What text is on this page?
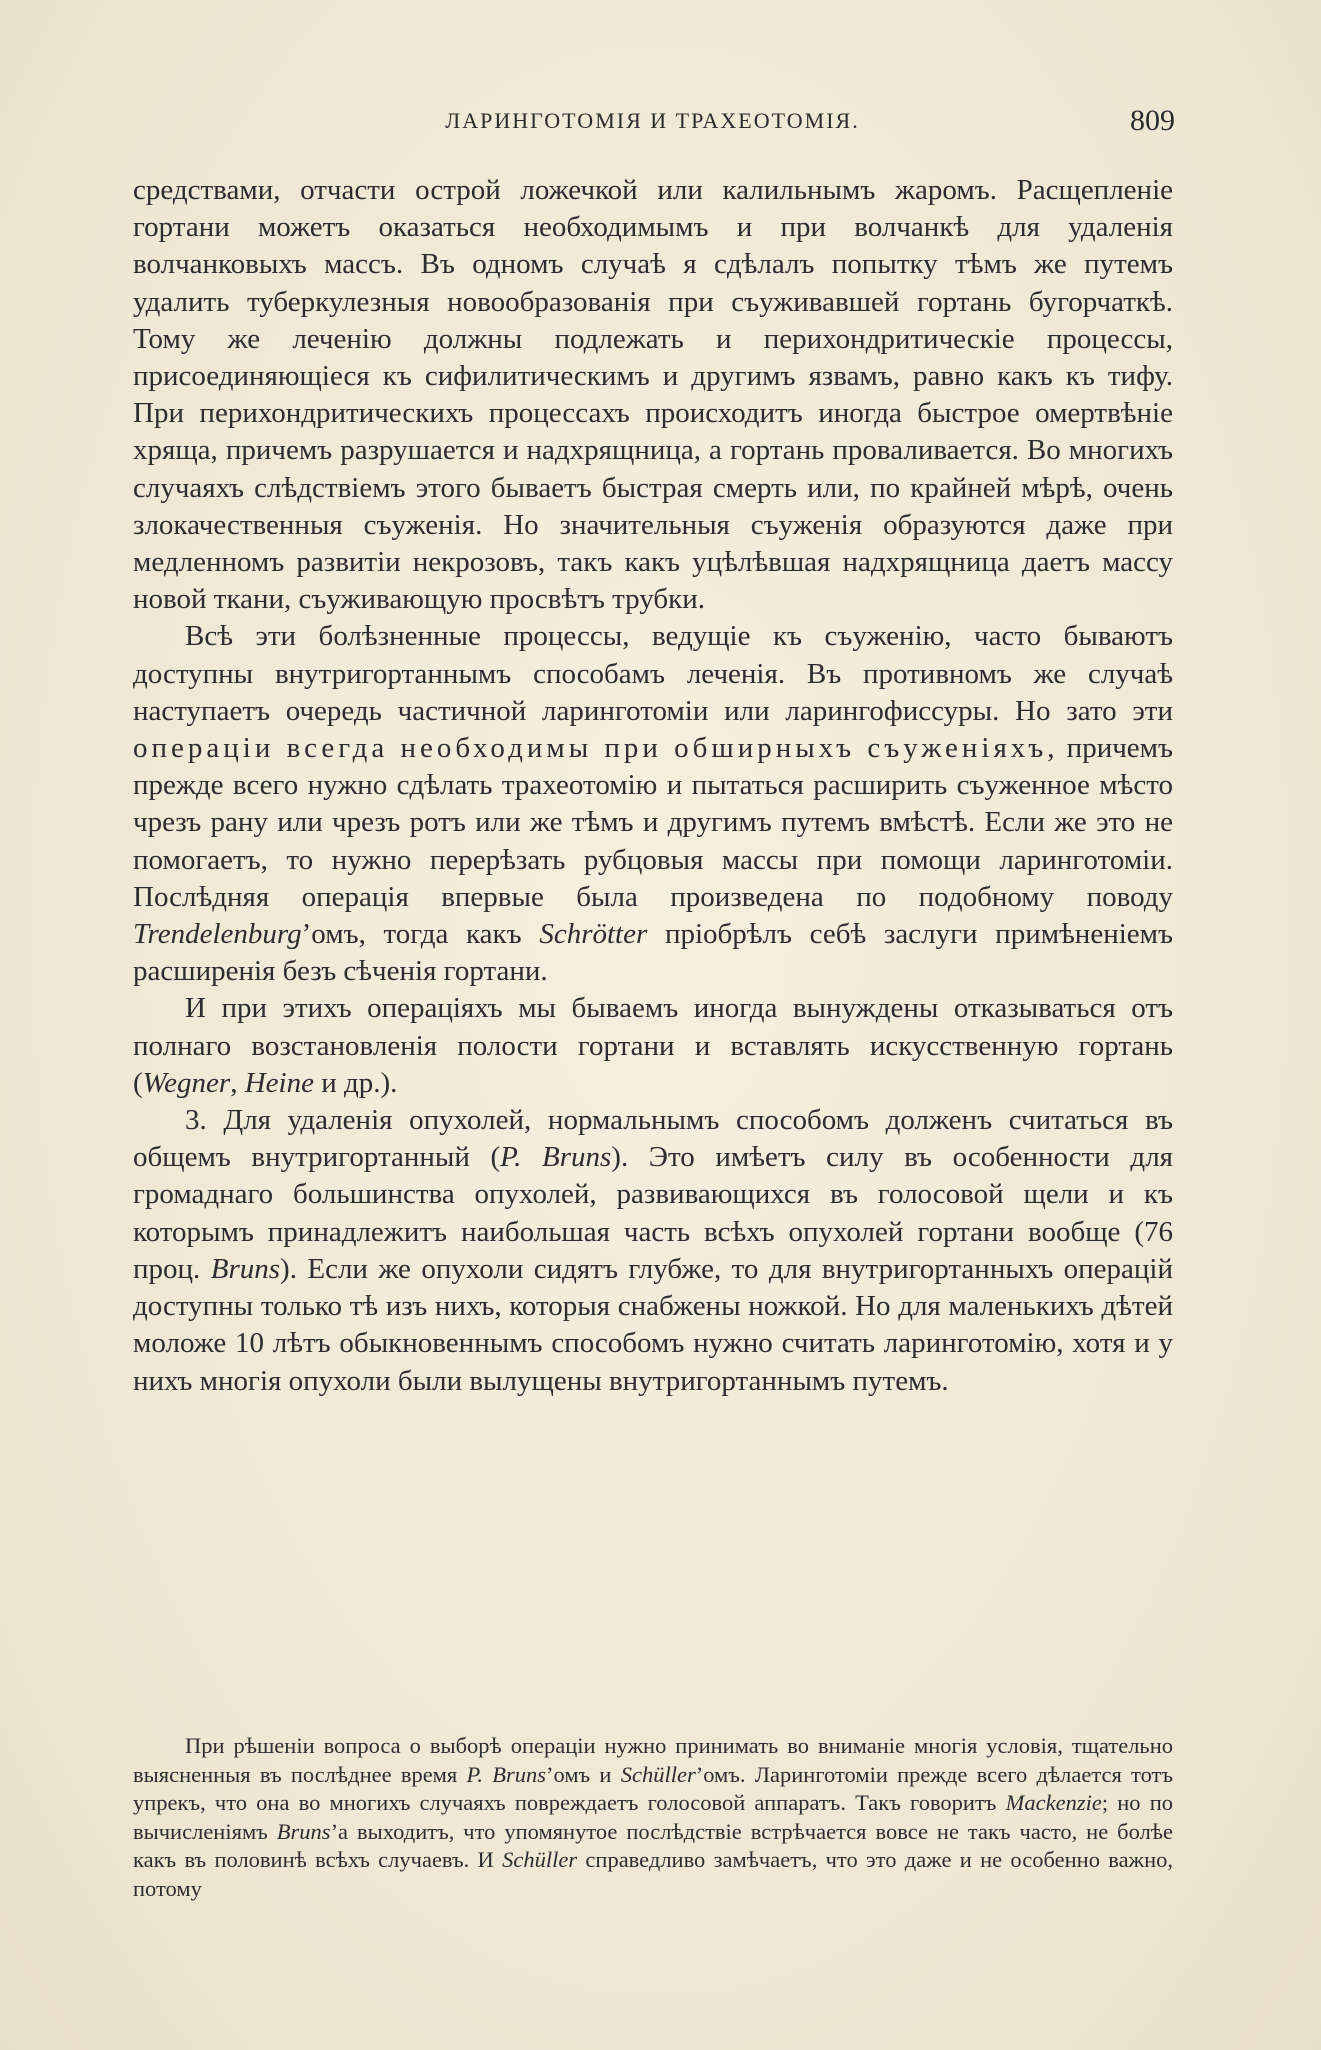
ЛАРИНГОТОМІЯ И ТРАХЕОТОМІЯ.	809

средствами, отчасти острой ложечкой или калильнымъ жаромъ. Расщепленіе гортани можетъ оказаться необходимымъ и при волчанкѣ для удаленія волчанковыхъ массъ. Въ одномъ случаѣ я сдѣлалъ попытку тѣмъ же путемъ удалить туберкулезныя новообразованія при съуживавшей гортань бугорчаткѣ. Тому же леченію должны подлежать и перихондритическіе процессы, присоединяющіеся къ сифилитическимъ и другимъ язвамъ, равно какъ къ тифу. При перихондритическихъ процессахъ происходитъ иногда быстрое омертвѣніе хряща, причемъ разрушается и надхрящница, а гортань проваливается. Во многихъ случаяхъ слѣдствіемъ этого бываетъ быстрая смерть или, по крайней мѣрѣ, очень злокачественныя съуженія. Но значительныя съуженія образуются даже при медленномъ развитіи некрозовъ, такъ какъ уцѣлѣвшая надхрящница даетъ массу новой ткани, съуживающую просвѣтъ трубки.

Всѣ эти болѣзненные процессы, ведущіе къ съуженію, часто бываютъ доступны внутригортаннымъ способамъ леченія. Въ противномъ же случаѣ наступаетъ очередь частичной ларинготоміи или ларингофиссуры. Но зато эти операціи всегда необходимы при обширныхъ съуженіяхъ, причемъ прежде всего нужно сдѣлать трахеотомію и пытаться расширить съуженное мѣсто чрезъ рану или чрезъ ротъ или же тѣмъ и другимъ путемъ вмѣстѣ. Если же это не помогаетъ, то нужно перерѣзать рубцовыя массы при помощи ларинготоміи. Послѣдняя операція впервые была произведена по подобному поводу Trendelenburg’омъ, тогда какъ Schrötter пріобрѣлъ себѣ заслуги примѣненіемъ расширенія безъ сѣченія гортани.

И при этихъ операціяхъ мы бываемъ иногда вынуждены отказываться отъ полнаго возстановленія полости гортани и вставлять искусственную гортань (Wegner, Heine и др.).

3. Для удаленія опухолей, нормальнымъ способомъ долженъ считаться въ общемъ внутригортанный (P. Bruns). Это имѣетъ силу въ особенности для громаднаго большинства опухолей, развивающихся въ голосовой щели и къ которымъ принадлежитъ наибольшая часть всѣхъ опухолей гортани вообще (76 проц. Bruns). Если же опухоли сидятъ глубже, то для внутригортанныхъ операцій доступны только тѣ изъ нихъ, которыя снабжены ножкой. Но для маленькихъ дѣтей моложе 10 лѣтъ обыкновеннымъ способомъ нужно считать ларинготомію, хотя и у нихъ многія опухоли были вылущены внутригортаннымъ путемъ.

При рѣшеніи вопроса о выборѣ операціи нужно принимать во вниманіе многія условія, тщательно выясненныя въ послѣднее время P. Bruns’омъ и Schüller’омъ. Ларинготоміи прежде всего дѣлается тотъ упрекъ, что она во многихъ случаяхъ повреждаетъ голосовой аппаратъ. Такъ говоритъ Mackenzie; но по вычисленіямъ Bruns’а выходитъ, что упомянутое послѣдствіе встрѣчается вовсе не такъ часто, не болѣе какъ въ половинѣ всѣхъ случаевъ. И Schüller справедливо замѣчаетъ, что это даже и не особенно важно, потому
